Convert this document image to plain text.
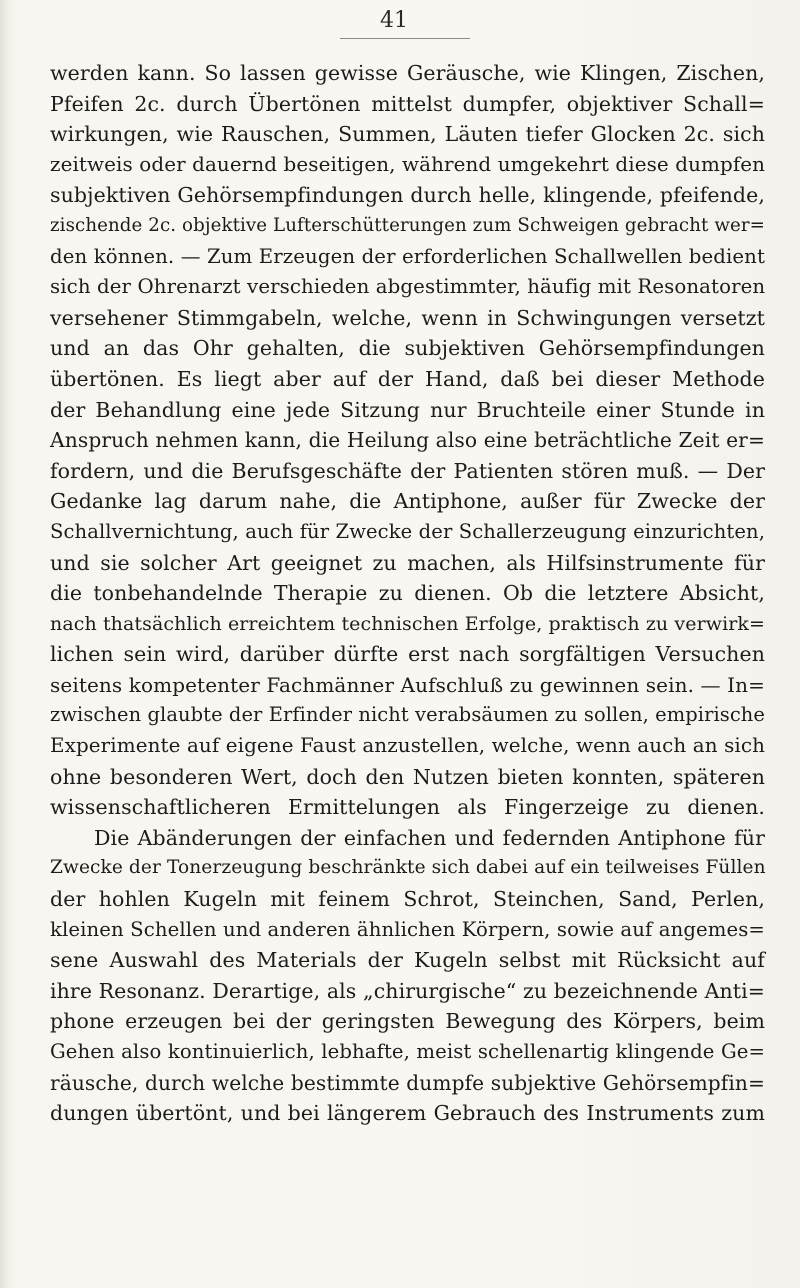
41

werden kann. So lassen gewisse Geräusche, wie Klingen, Zischen,
Pfeifen 2c. durch Übertönen mittelst dumpfer, objektiver Schall=
wirkungen, wie Rauschen, Summen, Läuten tiefer Glocken 2c. sich
zeitweis oder dauernd beseitigen, während umgekehrt diese dumpfen
subjektiven Gehörsempfindungen durch helle, klingende, pfeifende,
zischende 2c. objektive Lufterschütterungen zum Schweigen gebracht wer=
den können. — Zum Erzeugen der erforderlichen Schallwellen bedient
sich der Ohrenarzt verschieden abgestimmter, häufig mit Resonatoren
versehener Stimmgabeln, welche, wenn in Schwingungen versetzt
und an das Ohr gehalten, die subjektiven Gehörsempfindungen
übertönen. Es liegt aber auf der Hand, daß bei dieser Methode
der Behandlung eine jede Sitzung nur Bruchteile einer Stunde in
Anspruch nehmen kann, die Heilung also eine beträchtliche Zeit er=
fordern, und die Berufsgeschäfte der Patienten stören muß. — Der
Gedanke lag darum nahe, die Antiphone, außer für Zwecke der
Schallvernichtung, auch für Zwecke der Schallerzeugung einzurichten,
und sie solcher Art geeignet zu machen, als Hilfsinstrumente für
die tonbehandelnde Therapie zu dienen. Ob die letztere Absicht,
nach thatsächlich erreichtem technischen Erfolge, praktisch zu verwirk=
lichen sein wird, darüber dürfte erst nach sorgfältigen Versuchen
seitens kompetenter Fachmänner Aufschluß zu gewinnen sein. — In=
zwischen glaubte der Erfinder nicht verabsäumen zu sollen, empirische
Experimente auf eigene Faust anzustellen, welche, wenn auch an sich
ohne besonderen Wert, doch den Nutzen bieten konnten, späteren
wissenschaftlicheren Ermittelungen als Fingerzeige zu dienen.

Die Abänderungen der einfachen und federnden Antiphone für
Zwecke der Tonerzeugung beschränkte sich dabei auf ein teilweises Füllen
der hohlen Kugeln mit feinem Schrot, Steinchen, Sand, Perlen,
kleinen Schellen und anderen ähnlichen Körpern, sowie auf angemes=
sene Auswahl des Materials der Kugeln selbst mit Rücksicht auf
ihre Resonanz. Derartige, als „chirurgische“ zu bezeichnende Anti=
phone erzeugen bei der geringsten Bewegung des Körpers, beim
Gehen also kontinuierlich, lebhafte, meist schellenartig klingende Ge=
räusche, durch welche bestimmte dumpfe subjektive Gehörsempfin=
dungen übertönt, und bei längerem Gebrauch des Instruments zum
